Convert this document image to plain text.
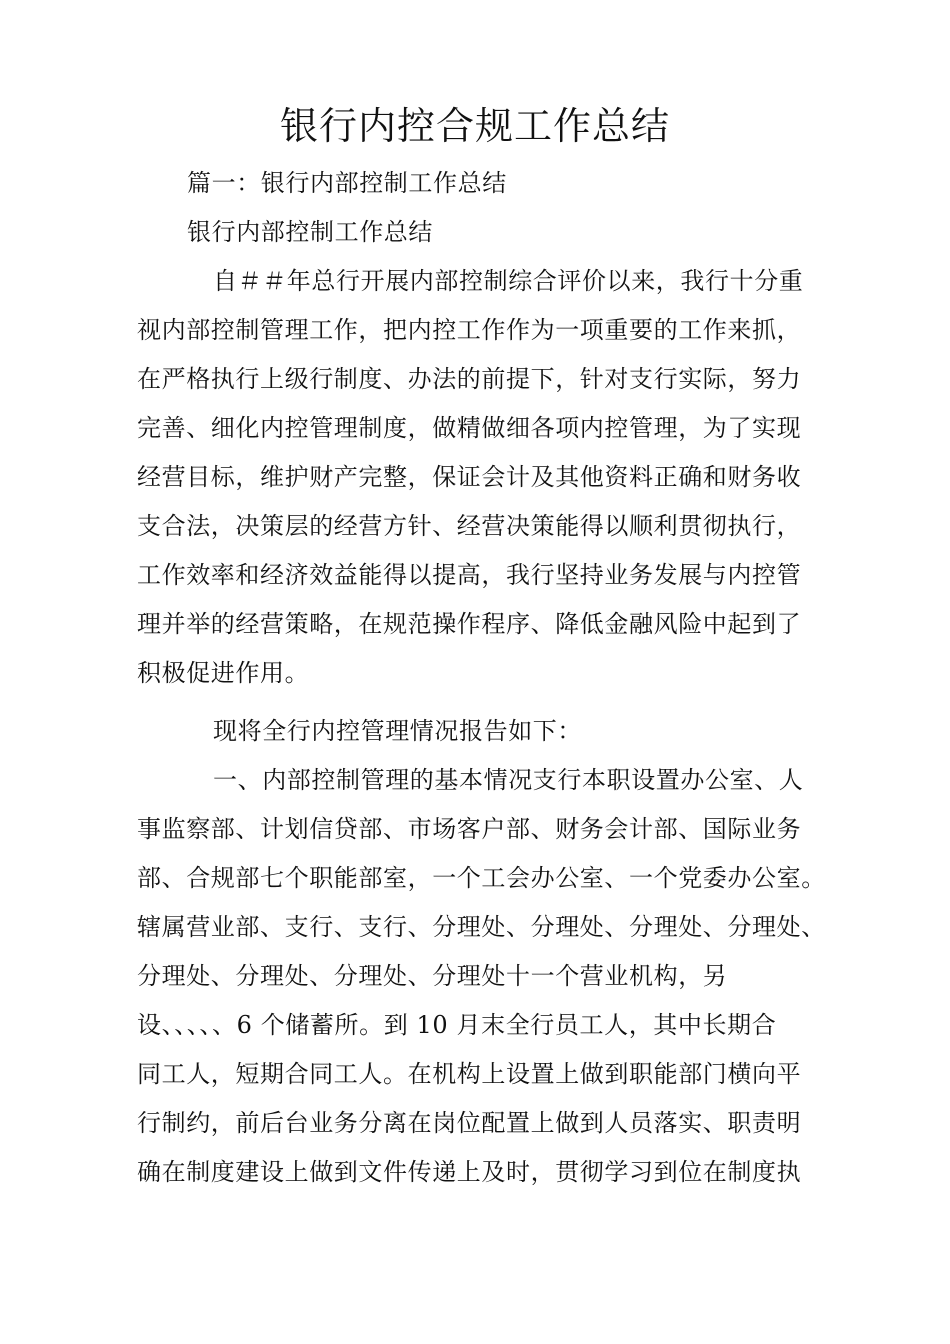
银行内控合规工作总结
篇一：银行内部控制工作总结
银行内部控制工作总结
自＃＃年总行开展内部控制综合评价以来，我行十分重
视内部控制管理工作，把内控工作作为一项重要的工作来抓，
在严格执行上级行制度、办法的前提下，针对支行实际，努力
完善、细化内控管理制度，做精做细各项内控管理，为了实现
经营目标，维护财产完整，保证会计及其他资料正确和财务收
支合法，决策层的经营方针、经营决策能得以顺利贯彻执行，
工作效率和经济效益能得以提高，我行坚持业务发展与内控管
理并举的经营策略，在规范操作程序、降低金融风险中起到了
积极促进作用。
现将全行内控管理情况报告如下：
一、内部控制管理的基本情况支行本职设置办公室、人
事监察部、计划信贷部、市场客户部、财务会计部、国际业务
部、合规部七个职能部室，一个工会办公室、一个党委办公室。
辖属营业部、支行、支行、分理处、分理处、分理处、分理处、
分理处、分理处、分理处、分理处十一个营业机构，另
设、、、、、6 个储蓄所。到 10 月末全行员工人，其中长期合
同工人，短期合同工人。在机构上设置上做到职能部门横向平
行制约，前后台业务分离在岗位配置上做到人员落实、职责明
确在制度建设上做到文件传递上及时，贯彻学习到位在制度执
